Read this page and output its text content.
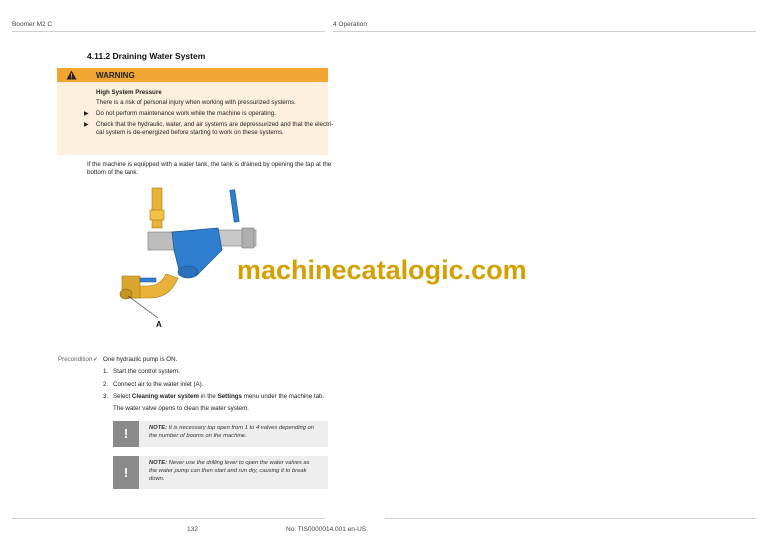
Boomer M2 C	4 Operation
4.11.2 Draining Water System
WARNING
High System Pressure
There is a risk of personal injury when working with pressurized systems.
▶ Do not perform maintenance work while the machine is operating.
▶ Check that the hydraulic, water, and air systems are depressurized and that the electri-
cal system is de-energized before starting to work on these systems.
If the machine is equipped with a water tank, the tank is drained by opening the tap at the
bottom of the tank.
A
machinecatalogic.com
Precondition ✓ One hydraulic pump is ON.
1. Start the control system.
2. Connect air to the water inlet (A).
3. Select Cleaning water system in the Settings menu under the machine tab.
The water valve opens to clean the water system.
!	NOTE: It is necessary top open from 1 to 4 valves depending on
the number of booms on the machine.
!
NOTE: Never use the drilling lever to open the water valves as
the water pump can then start and run dry, causing it to break
down.
132	No: TIS0000014.001 en-US
